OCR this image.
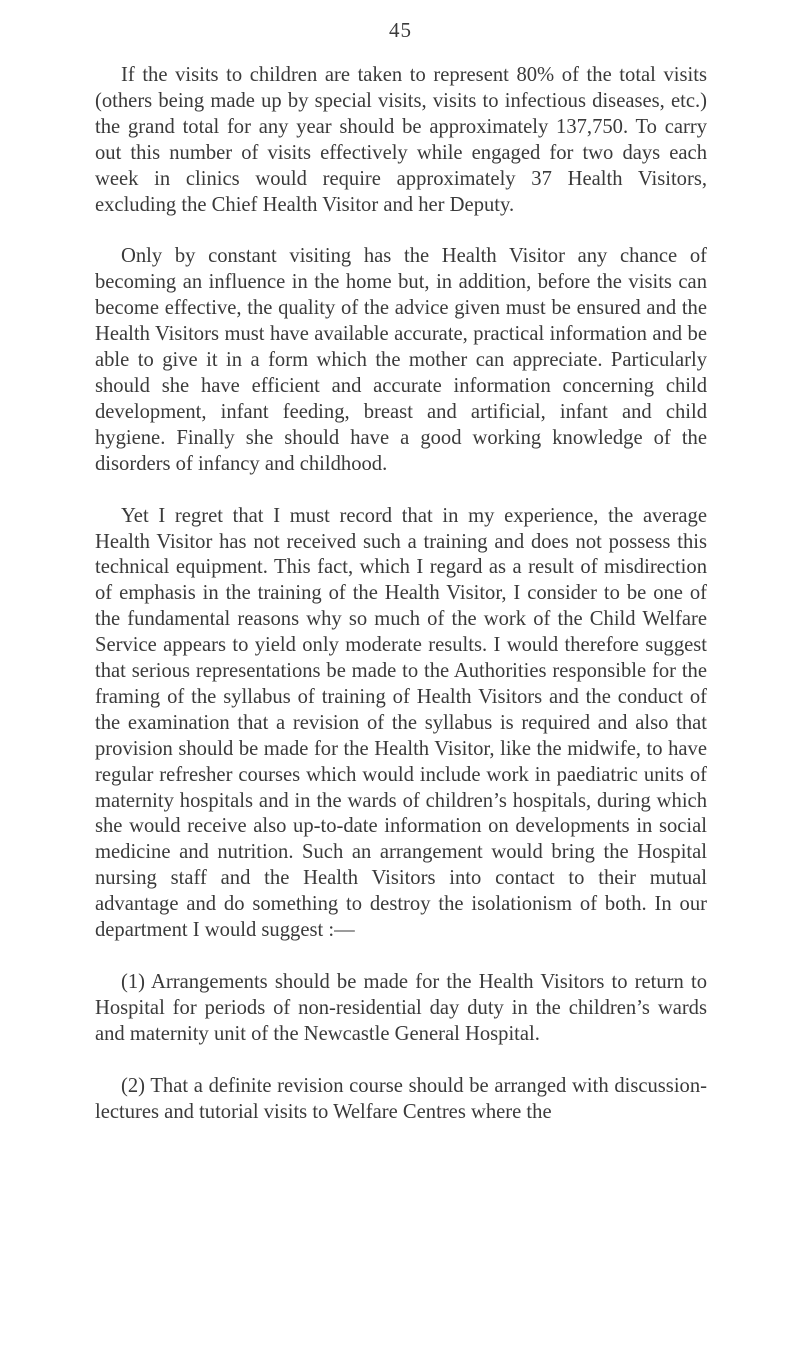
45

If the visits to children are taken to represent 80% of the total visits (others being made up by special visits, visits to infectious diseases, etc.) the grand total for any year should be approximately 137,750. To carry out this number of visits effectively while engaged for two days each week in clinics would require approximately 37 Health Visitors, excluding the Chief Health Visitor and her Deputy.

Only by constant visiting has the Health Visitor any chance of becoming an influence in the home but, in addition, before the visits can become effective, the quality of the advice given must be ensured and the Health Visitors must have available accurate, practical information and be able to give it in a form which the mother can appreciate. Particularly should she have efficient and accurate information concerning child development, infant feeding, breast and artificial, infant and child hygiene. Finally she should have a good working knowledge of the disorders of infancy and childhood.

Yet I regret that I must record that in my experience, the average Health Visitor has not received such a training and does not possess this technical equipment. This fact, which I regard as a result of misdirection of emphasis in the training of the Health Visitor, I consider to be one of the fundamental reasons why so much of the work of the Child Welfare Service appears to yield only moderate results. I would therefore suggest that serious representations be made to the Authorities responsible for the framing of the syllabus of training of Health Visitors and the conduct of the examination that a revision of the syllabus is required and also that provision should be made for the Health Visitor, like the midwife, to have regular refresher courses which would include work in paediatric units of maternity hospitals and in the wards of children’s hospitals, during which she would receive also up-to-date information on developments in social medicine and nutrition. Such an arrangement would bring the Hospital nursing staff and the Health Visitors into contact to their mutual advantage and do something to destroy the isolationism of both. In our department I would suggest :—

(1) Arrangements should be made for the Health Visitors to return to Hospital for periods of non-residential day duty in the children’s wards and maternity unit of the Newcastle General Hospital.

(2) That a definite revision course should be arranged with discussion-lectures and tutorial visits to Welfare Centres where the
